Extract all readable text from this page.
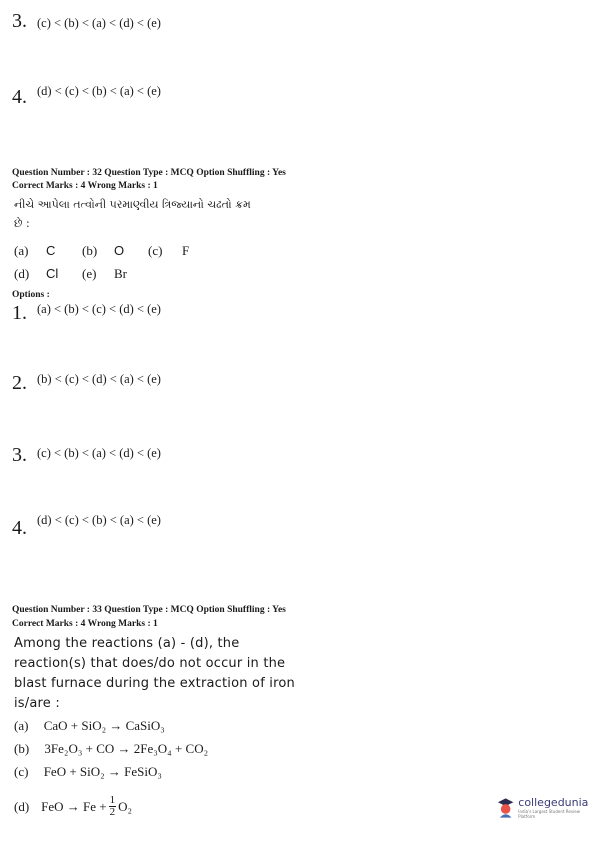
3. (c) < (b) < (a) < (d) < (e)
4. $^{(d) < (c) < (b) < (a) < (e)}$
Question Number : 32 Question Type : MCQ Option Shuffling : Yes
Correct Marks : 4 Wrong Marks : 1
નીચે આપેલા તત્વોની પરમાણ્વીય ત્રિજ્યાનો ચઢતો ક્રમ
છે :
(a) C (b) O (c) F
(d) Cl (e) Br
Options :
1. $^{(a) < (b) < (c) < (d) < (e)}$
2. $^{(b) < (c) < (d) < (a) < (e)}$
3. $^{(c) < (b) < (a) < (d) < (e)}$
4. $^{(d) < (c) < (b) < (a) < (e)}$
Question Number : 33 Question Type : MCQ Option Shuffling : Yes
Correct Marks : 4 Wrong Marks : 1
Among the reactions (a) - (d), the
reaction(s) that does/do not occur in the
blast furnace during the extraction of iron
is/are :
(a) CaO + SiO₂ → CaSiO₃
(b) 3Fe₂O₃ + CO → 2Fe₃O₄ + CO₂
(c) FeO + SiO₂ → FeSiO₃
(d) FeO → $Fe + \frac{1}{2} O_2$	collegedunia
India's Largest Student Review Platform
